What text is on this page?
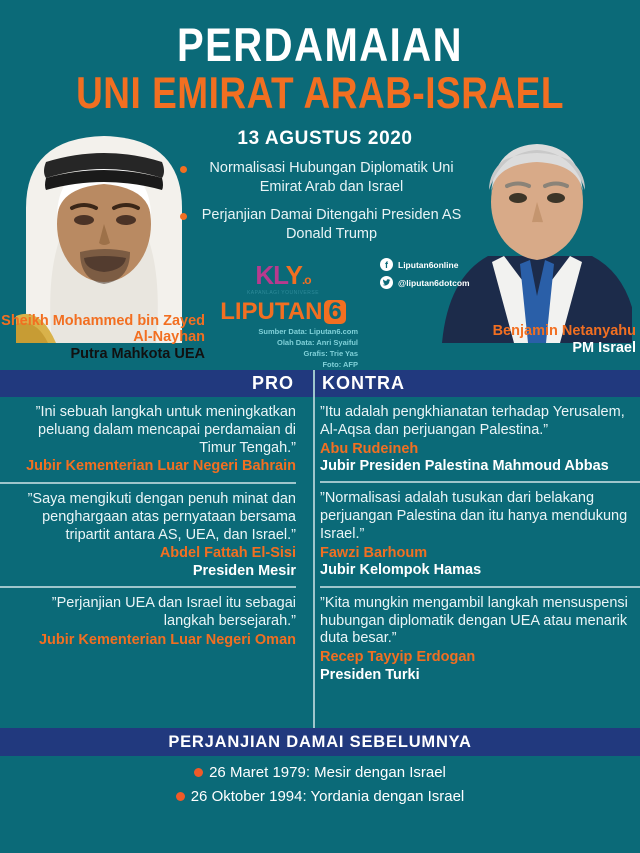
PERDAMAIAN
UNI EMIRAT ARAB-ISRAEL
13 AGUSTUS 2020
Normalisasi Hubungan Diplomatik Uni Emirat Arab dan Israel
Perjanjian Damai Ditengahi Presiden AS Donald Trump
KLY.o
KAPANLAGI YOUNIVERSE
LIPUTAN 6
Sumber Data: Liputan6.com
Olah Data: Anri Syaiful
Grafis: Trie Yas
Foto: AFP
f	Liputan6online
@liputan6dotcom
Sheikh Mohammed bin Zayed Al-Nayhan
Putra Mahkota UEA
Benjamin Netanyahu
PM Israel
PRO	KONTRA
”Ini sebuah langkah untuk meningkatkan peluang dalam mencapai perdamaian di Timur Tengah.”
Jubir Kementerian Luar Negeri Bahrain
”Saya mengikuti dengan penuh minat dan penghargaan atas pernyataan bersama tripartit antara AS, UEA, dan Israel.”
Abdel Fattah El-Sisi
Presiden Mesir
”Perjanjian UEA dan Israel itu sebagai langkah bersejarah.”
Jubir Kementerian Luar Negeri Oman
”Itu adalah pengkhianatan terhadap Yerusalem, Al-Aqsa dan perjuangan Palestina.”
Abu Rudeineh
Jubir Presiden Palestina Mahmoud Abbas
”Normalisasi adalah tusukan dari belakang perjuangan Palestina dan itu hanya mendukung Israel.”
Fawzi Barhoum
Jubir Kelompok Hamas
”Kita mungkin mengambil langkah mensuspensi hubungan diplomatik dengan UEA atau menarik duta besar.”
Recep Tayyip Erdogan
Presiden Turki
PERJANJIAN DAMAI SEBELUMNYA
26 Maret 1979: Mesir dengan Israel
26 Oktober 1994: Yordania dengan Israel
